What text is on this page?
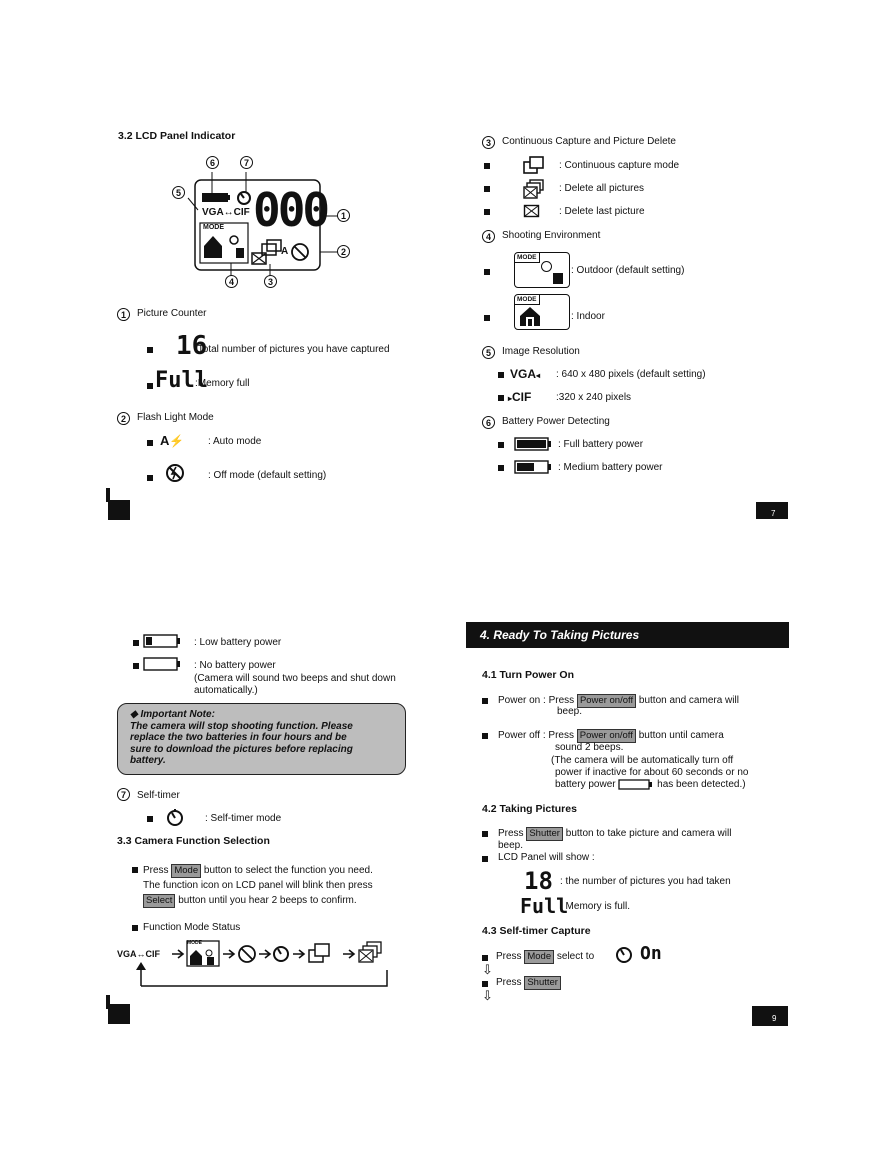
3.2 LCD Panel Indicator
000
VGA↔CIF
MODE
A
6	7
5
1
2
4	3
1	Picture Counter
16
:Total number of pictures you have captured
Full
:Memory full
2	Flash Light Mode
A⚡ : Auto mode
: Off mode (default setting)
3	Continuous Capture and Picture Delete
: Continuous capture mode
: Delete all pictures
: Delete last picture
4	Shooting Environment
MODE
: Outdoor (default setting)
MODE
: Indoor
5	Image Resolution
VGA◂ : 640 x 480 pixels (default setting)
▸CIF :320 x 240 pixels
6	Battery Power Detecting
: Full battery power
: Medium battery power
7
: Low battery power
: No battery power
(Camera will sound two beeps and shut down
automatically.)
◆ Important Note:
The camera will stop shooting function. Please
replace the two batteries in four hours and be
sure to download the pictures before replacing
battery.
7	Self-timer
: Self-timer mode
3.3 Camera Function Selection
Press Mode button to select the function you need.
The function icon on LCD panel will blink then press
Select button until you hear 2 beeps to confirm.
Function Mode Status
VGA↔CIF
MODE
4. Ready To Taking Pictures
4.1 Turn Power On
Power on : Press Power on/off button and camera will
beep.
Power off : Press Power on/off button until camera
sound 2 beeps.
(The camera will be automatically turn off
power if inactive for about 60 seconds or no
battery power	has been detected.)
4.2 Taking Pictures
Press Shutter button to take picture and camera will
beep.
LCD Panel will show :
18 : the number of pictures you had taken
Full
: Memory is full.
4.3 Self-timer Capture
Press Mode select to	On
⇩
Press Shutter
⇩
9
